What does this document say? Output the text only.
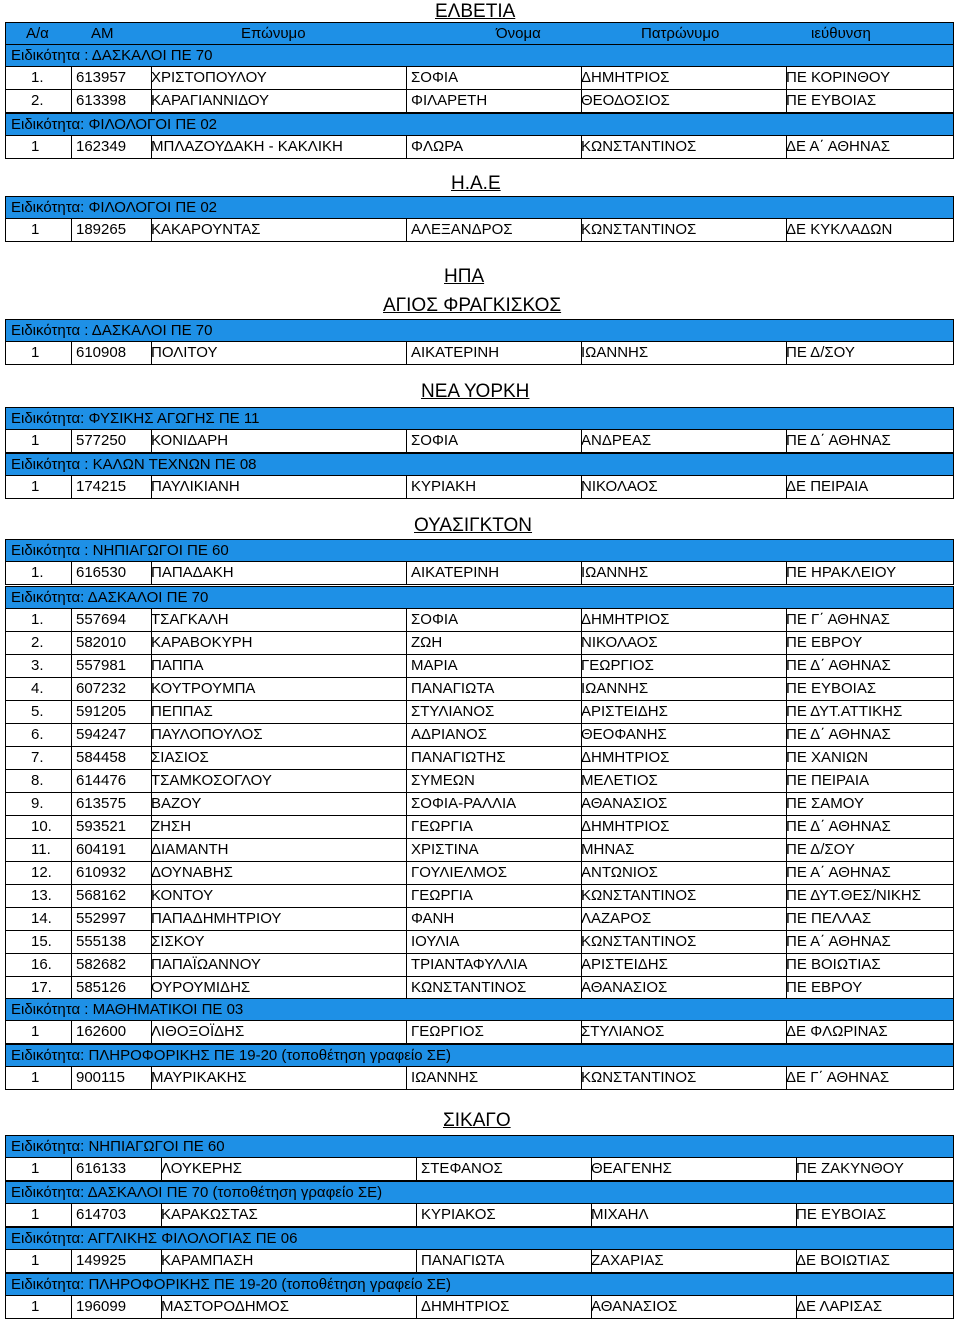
Α/α	ΑΜ	Επώνυμο	Όνομα	Πατρώνυμο	ιεύθυνση
ΕΛΒΕΤΙΑ
Ειδικότητα : ΔΑΣΚΑΛΟΙ ΠΕ 70
1. 613957 ΧΡΙΣΤΟΠΟΥΛΟΥ	ΣΟΦΙΑ	ΔΗΜΗΤΡΙΟΣ	ΠΕ ΚΟΡΙΝΘΟΥ
2. 613398 ΚΑΡΑΓΙΑΝΝΙΔΟΥ	ΦΙΛΑΡΕΤΗ	ΘΕΟΔΟΣΙΟΣ	ΠΕ ΕΥΒΟΙΑΣ
Ειδικότητα: ΦΙΛΟΛΟΓΟΙ ΠΕ 02
1 162349 ΜΠΛΑΖΟΥΔΑΚΗ - ΚΑΚΛΙΚΗ	ΦΛΩΡΑ	ΚΩΝΣΤΑΝΤΙΝΟΣ	ΔΕ Α΄ ΑΘΗΝΑΣ
Η.Α.Ε
Ειδικότητα: ΦΙΛΟΛΟΓΟΙ ΠΕ 02
1 189265 ΚΑΚΑΡΟΥΝΤΑΣ	ΑΛΕΞΑΝΔΡΟΣ	ΚΩΝΣΤΑΝΤΙΝΟΣ	ΔΕ ΚΥΚΛΑΔΩΝ
ΗΠΑ
ΑΓΙΟΣ ΦΡΑΓΚΙΣΚΟΣ
Ειδικότητα : ΔΑΣΚΑΛΟΙ ΠΕ 70
1 610908 ΠΟΛΙΤΟΥ	ΑΙΚΑΤΕΡΙΝΗ	ΙΩΑΝΝΗΣ	ΠΕ Δ/ΣΟΥ
ΝΕΑ ΥΟΡΚΗ
Ειδικότητα: ΦΥΣΙΚΗΣ ΑΓΩΓΗΣ ΠΕ 11
1 577250 ΚΟΝΙΔΑΡΗ	ΣΟΦΙΑ	ΑΝΔΡΕΑΣ	ΠΕ Δ΄ ΑΘΗΝΑΣ
Ειδικότητα : ΚΑΛΩΝ ΤΕΧΝΩΝ ΠΕ 08
1 174215 ΠΑΥΛΙΚΙΑΝΗ	ΚΥΡΙΑΚΗ	ΝΙΚΟΛΑΟΣ	ΔΕ ΠΕΙΡΑΙΑ
ΟΥΑΣΙΓΚΤΟΝ
Ειδικότητα : ΝΗΠΙΑΓΩΓΟΙ ΠΕ 60
1. 616530 ΠΑΠΑΔΑΚΗ	ΑΙΚΑΤΕΡΙΝΗ	ΙΩΑΝΝΗΣ	ΠΕ ΗΡΑΚΛΕΙΟΥ
Ειδικότητα: ΔΑΣΚΑΛΟΙ ΠΕ 70
1. 557694 ΤΣΑΓΚΑΛΗ	ΣΟΦΙΑ	ΔΗΜΗΤΡΙΟΣ	ΠΕ Γ΄ ΑΘΗΝΑΣ
2. 582010 ΚΑΡΑΒΟΚΥΡΗ	ΖΩΗ	ΝΙΚΟΛΑΟΣ	ΠΕ ΕΒΡΟΥ
3. 557981 ΠΑΠΠΑ	ΜΑΡΙΑ	ΓΕΩΡΓΙΟΣ	ΠΕ Δ΄ ΑΘΗΝΑΣ
4. 607232 ΚΟΥΤΡΟΥΜΠΑ	ΠΑΝΑΓΙΩΤΑ	ΙΩΑΝΝΗΣ	ΠΕ ΕΥΒΟΙΑΣ
5. 591205 ΠΕΠΠΑΣ	ΣΤΥΛΙΑΝΟΣ	ΑΡΙΣΤΕΙΔΗΣ	ΠΕ ΔΥΤ.ΑΤΤΙΚΗΣ
6. 594247 ΠΑΥΛΟΠΟΥΛΟΣ	ΑΔΡΙΑΝΟΣ	ΘΕΟΦΑΝΗΣ	ΠΕ Δ΄ ΑΘΗΝΑΣ
7. 584458 ΣΙΑΣΙΟΣ	ΠΑΝΑΓΙΩΤΗΣ	ΔΗΜΗΤΡΙΟΣ	ΠΕ ΧΑΝΙΩΝ
8. 614476 ΤΣΑΜΚΟΣΟΓΛΟΥ	ΣΥΜΕΩΝ	ΜΕΛΕΤΙΟΣ	ΠΕ ΠΕΙΡΑΙΑ
9. 613575 ΒΑΖΟΥ	ΣΟΦΙΑ-ΡΑΛΛΙΑ	ΑΘΑΝΑΣΙΟΣ	ΠΕ ΣΑΜΟΥ
10. 593521 ΖΗΣΗ	ΓΕΩΡΓΙΑ	ΔΗΜΗΤΡΙΟΣ	ΠΕ Δ΄ ΑΘΗΝΑΣ
11. 604191 ΔΙΑΜΑΝΤΗ	ΧΡΙΣΤΙΝΑ	ΜΗΝΑΣ	ΠΕ Δ/ΣΟΥ
12. 610932 ΔΟΥΝΑΒΗΣ	ΓΟΥΛΙΕΛΜΟΣ	ΑΝΤΩΝΙΟΣ	ΠΕ Α΄ ΑΘΗΝΑΣ
13. 568162 ΚΟΝΤΟΥ	ΓΕΩΡΓΙΑ	ΚΩΝΣΤΑΝΤΙΝΟΣ	ΠΕ ΔΥΤ.ΘΕΣ/ΝΙΚΗΣ
14. 552997 ΠΑΠΑΔΗΜΗΤΡΙΟΥ	ΦΑΝΗ	ΛΑΖΑΡΟΣ	ΠΕ ΠΕΛΛΑΣ
15. 555138 ΣΙΣΚΟΥ	ΙΟΥΛΙΑ	ΚΩΝΣΤΑΝΤΙΝΟΣ	ΠΕ Α΄ ΑΘΗΝΑΣ
16. 582682 ΠΑΠΑΪΩΑΝΝΟΥ	ΤΡΙΑΝΤΑΦΥΛΛΙΑ	ΑΡΙΣΤΕΙΔΗΣ	ΠΕ ΒΟΙΩΤΙΑΣ
17. 585126 ΟΥΡΟΥΜΙΔΗΣ	ΚΩΝΣΤΑΝΤΙΝΟΣ	ΑΘΑΝΑΣΙΟΣ	ΠΕ ΕΒΡΟΥ
Ειδικότητα : ΜΑΘΗΜΑΤΙΚΟΙ ΠΕ 03
1 162600 ΛΙΘΟΞΟΪΔΗΣ	ΓΕΩΡΓΙΟΣ	ΣΤΥΛΙΑΝΟΣ	ΔΕ ΦΛΩΡΙΝΑΣ
Ειδικότητα: ΠΛΗΡΟΦΟΡΙΚΗΣ ΠΕ 19-20 (τοποθέτηση γραφείο ΣΕ)
1 900115 ΜΑΥΡΙΚΑΚΗΣ	ΙΩΑΝΝΗΣ	ΚΩΝΣΤΑΝΤΙΝΟΣ	ΔΕ Γ΄ ΑΘΗΝΑΣ
ΣΙΚΑΓΟ
Ειδικότητα: ΝΗΠΙΑΓΩΓΟΙ ΠΕ 60
1 616133 ΛΟΥΚΕΡΗΣ	ΣΤΕΦΑΝΟΣ	ΘΕΑΓΕΝΗΣ	ΠΕ ΖΑΚΥΝΘΟΥ
Ειδικότητα: ΔΑΣΚΑΛΟΙ ΠΕ 70 (τοποθέτηση γραφείο ΣΕ)
1 614703 ΚΑΡΑΚΩΣΤΑΣ	ΚΥΡΙΑΚΟΣ	ΜΙΧΑΗΛ	ΠΕ ΕΥΒΟΙΑΣ
Ειδικότητα: ΑΓΓΛΙΚΗΣ ΦΙΛΟΛΟΓΙΑΣ ΠΕ 06
1 149925 ΚΑΡΑΜΠΑΣΗ	ΠΑΝΑΓΙΩΤΑ	ΖΑΧΑΡΙΑΣ	ΔΕ ΒΟΙΩΤΙΑΣ
Ειδικότητα: ΠΛΗΡΟΦΟΡΙΚΗΣ ΠΕ 19-20 (τοποθέτηση γραφείο ΣΕ)
1 196099 ΜΑΣΤΟΡΟΔΗΜΟΣ	ΔΗΜΗΤΡΙΟΣ	ΑΘΑΝΑΣΙΟΣ	ΔΕ ΛΑΡΙΣΑΣ
